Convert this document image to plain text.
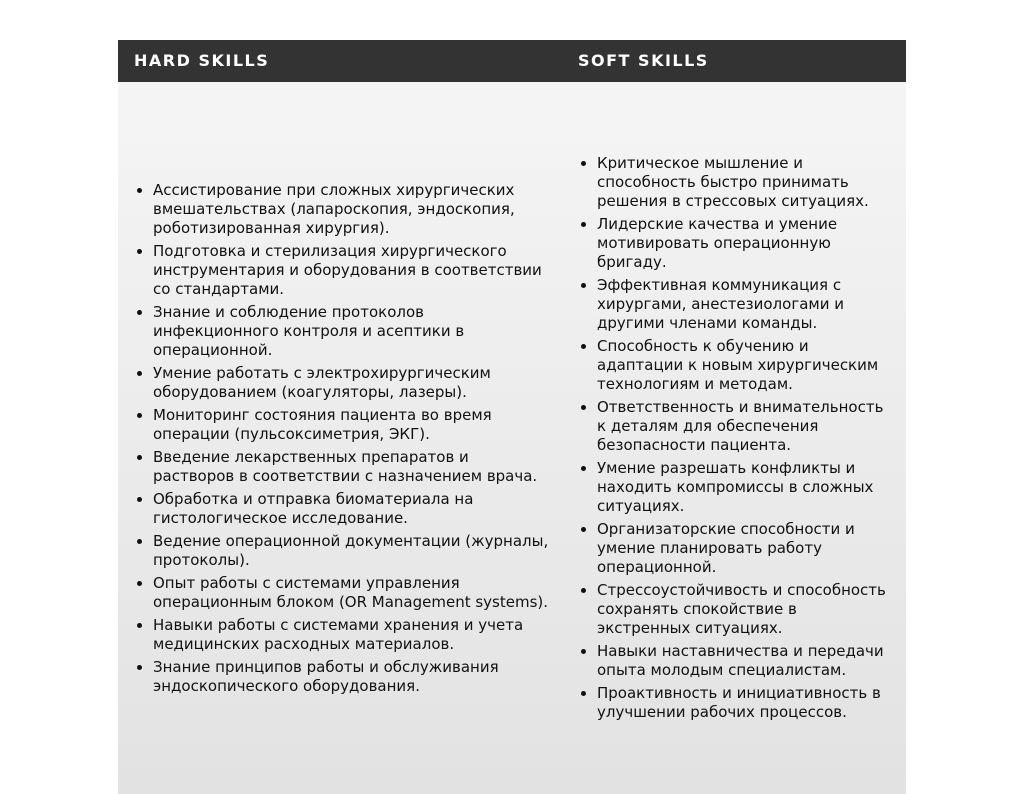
HARD SKILLS	SOFT SKILLS
Ассистирование при сложных хирургических вмешательствах (лапароскопия, эндоскопия, роботизированная хирургия).
Подготовка и стерилизация хирургического инструментария и оборудования в соответствии со стандартами.
Знание и соблюдение протоколов инфекционного контроля и асептики в операционной.
Умение работать с электрохирургическим оборудованием (коагуляторы, лазеры).
Мониторинг состояния пациента во время операции (пульсоксиметрия, ЭКГ).
Введение лекарственных препаратов и растворов в соответствии с назначением врача.
Обработка и отправка биоматериала на гистологическое исследование.
Ведение операционной документации (журналы, протоколы).
Опыт работы с системами управления операционным блоком (OR Management systems).
Навыки работы с системами хранения и учета медицинских расходных материалов.
Знание принципов работы и обслуживания эндоскопического оборудования.
Критическое мышление и способность быстро принимать решения в стрессовых ситуациях.
Лидерские качества и умение мотивировать операционную бригаду.
Эффективная коммуникация с хирургами, анестезиологами и другими членами команды.
Способность к обучению и адаптации к новым хирургическим технологиям и методам.
Ответственность и внимательность к деталям для обеспечения безопасности пациента.
Умение разрешать конфликты и находить компромиссы в сложных ситуациях.
Организаторские способности и умение планировать работу операционной.
Стрессоустойчивость и способность сохранять спокойствие в экстренных ситуациях.
Навыки наставничества и передачи опыта молодым специалистам.
Проактивность и инициативность в улучшении рабочих процессов.
